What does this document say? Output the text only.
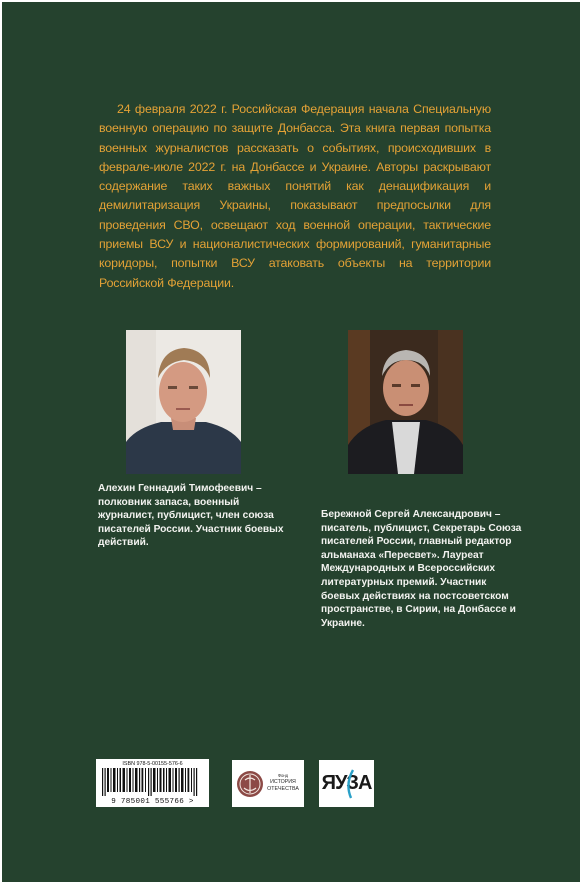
24 февраля 2022 г. Российская Федерация начала Специальную военную операцию по защите Донбасса. Эта книга первая попытка военных журналистов рассказать о событиях, происходивших в феврале-июле 2022 г. на Донбассе и Украине. Авторы раскрывают содержание таких важных понятий как денацификация и демилитаризация Украины, показывают предпосылки для проведения СВО, освещают ход военной операции, тактические приемы ВСУ и националистических формирований, гуманитарные коридоры, попытки ВСУ атаковать объекты на территории Российской Федерации.

Алехин Геннадий Тимофеевич – полковник запаса, военный журналист, публицист, член союза писателей России. Участник боевых действий.

Бережной Сергей Александрович – писатель, публицист, Секретарь Союза писателей России, главный редактор альманаха «Пересвет». Лауреат Международных и Всероссийских литературных премий. Участник боевых действиях на постсоветском пространстве, в Сирии, на Донбассе и Украине.

ISBN 978-5-00155-576-6
9 785001 555766 >
Фонд
ИСТОРИЯ
ОТЕЧЕСТВА ЯУЗА
